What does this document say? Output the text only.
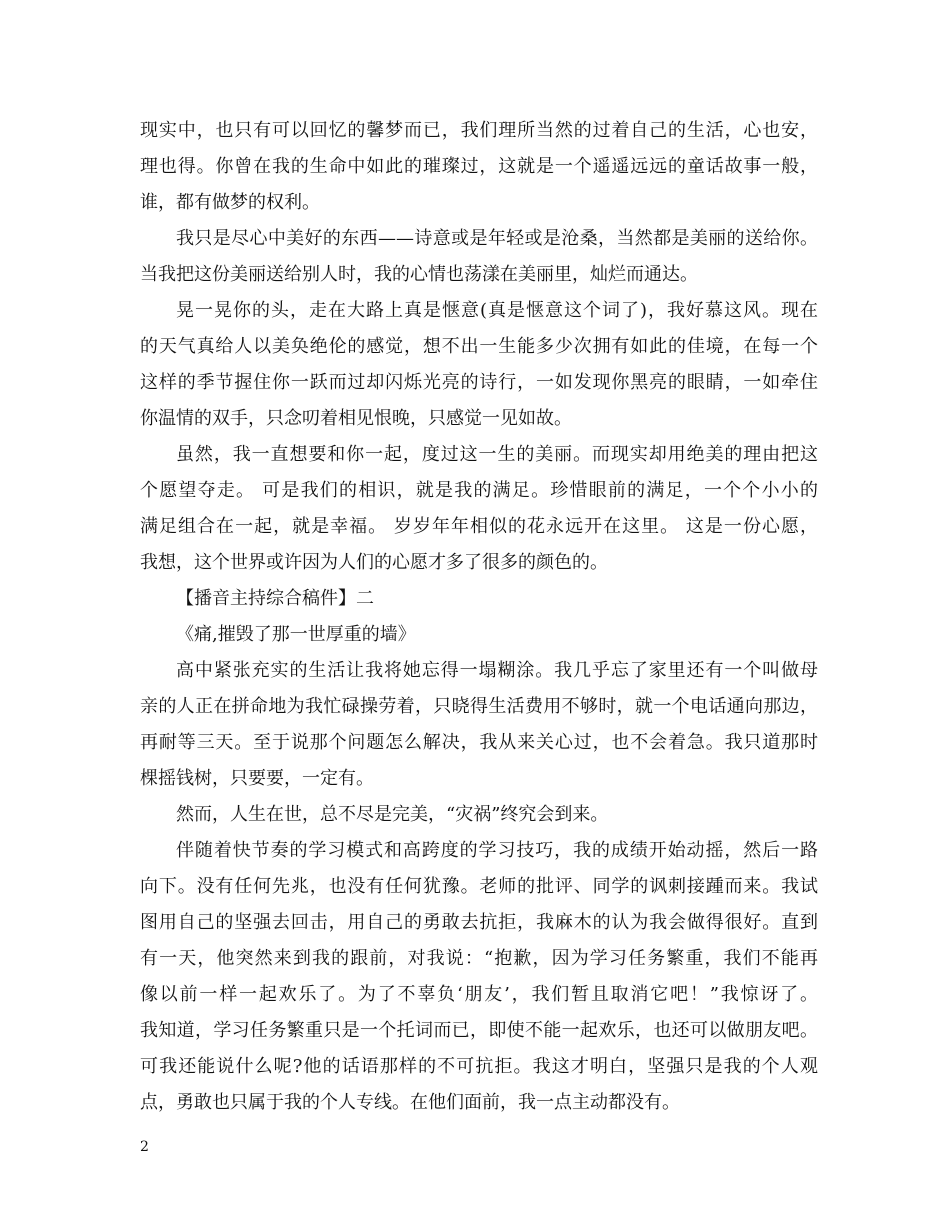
现实中，也只有可以回忆的馨梦而已，我们理所当然的过着自己的生活，心也安，
理也得。你曾在我的生命中如此的璀璨过，这就是一个遥遥远远的童话故事一般，
谁，都有做梦的权利。
我只是尽心中美好的东西——诗意或是年轻或是沧桑，当然都是美丽的送给你。
当我把这份美丽送给别人时，我的心情也荡漾在美丽里，灿烂而通达。
晃一晃你的头，走在大路上真是惬意(真是惬意这个词了)，我好慕这风。现在
的天气真给人以美奂绝伦的感觉，想不出一生能多少次拥有如此的佳境，在每一个
这样的季节握住你一跃而过却闪烁光亮的诗行，一如发现你黑亮的眼睛，一如牵住
你温情的双手，只念叨着相见恨晚，只感觉一见如故。
虽然，我一直想要和你一起，度过这一生的美丽。而现实却用绝美的理由把这
个愿望夺走。 可是我们的相识，就是我的满足。珍惜眼前的满足，一个个小小的
满足组合在一起，就是幸福。 岁岁年年相似的花永远开在这里。 这是一份心愿，
我想，这个世界或许因为人们的心愿才多了很多的颜色的。
【播音主持综合稿件】二
《痛,摧毁了那一世厚重的墙》
高中紧张充实的生活让我将她忘得一塌糊涂。我几乎忘了家里还有一个叫做母
亲的人正在拼命地为我忙碌操劳着，只晓得生活费用不够时，就一个电话通向那边，
再耐等三天。至于说那个问题怎么解决，我从来关心过，也不会着急。我只道那时
棵摇钱树，只要要，一定有。
然而，人生在世，总不尽是完美，“灾祸”终究会到来。
伴随着快节奏的学习模式和高跨度的学习技巧，我的成绩开始动摇，然后一路
向下。没有任何先兆，也没有任何犹豫。老师的批评、同学的讽刺接踵而来。我试
图用自己的坚强去回击，用自己的勇敢去抗拒，我麻木的认为我会做得很好。直到
有一天，他突然来到我的跟前，对我说：“抱歉，因为学习任务繁重，我们不能再
像以前一样一起欢乐了。为了不辜负‘朋友’，我们暂且取消它吧！”我惊讶了。
我知道，学习任务繁重只是一个托词而已，即使不能一起欢乐，也还可以做朋友吧。
可我还能说什么呢?他的话语那样的不可抗拒。我这才明白，坚强只是我的个人观
点，勇敢也只属于我的个人专线。在他们面前，我一点主动都没有。
2
